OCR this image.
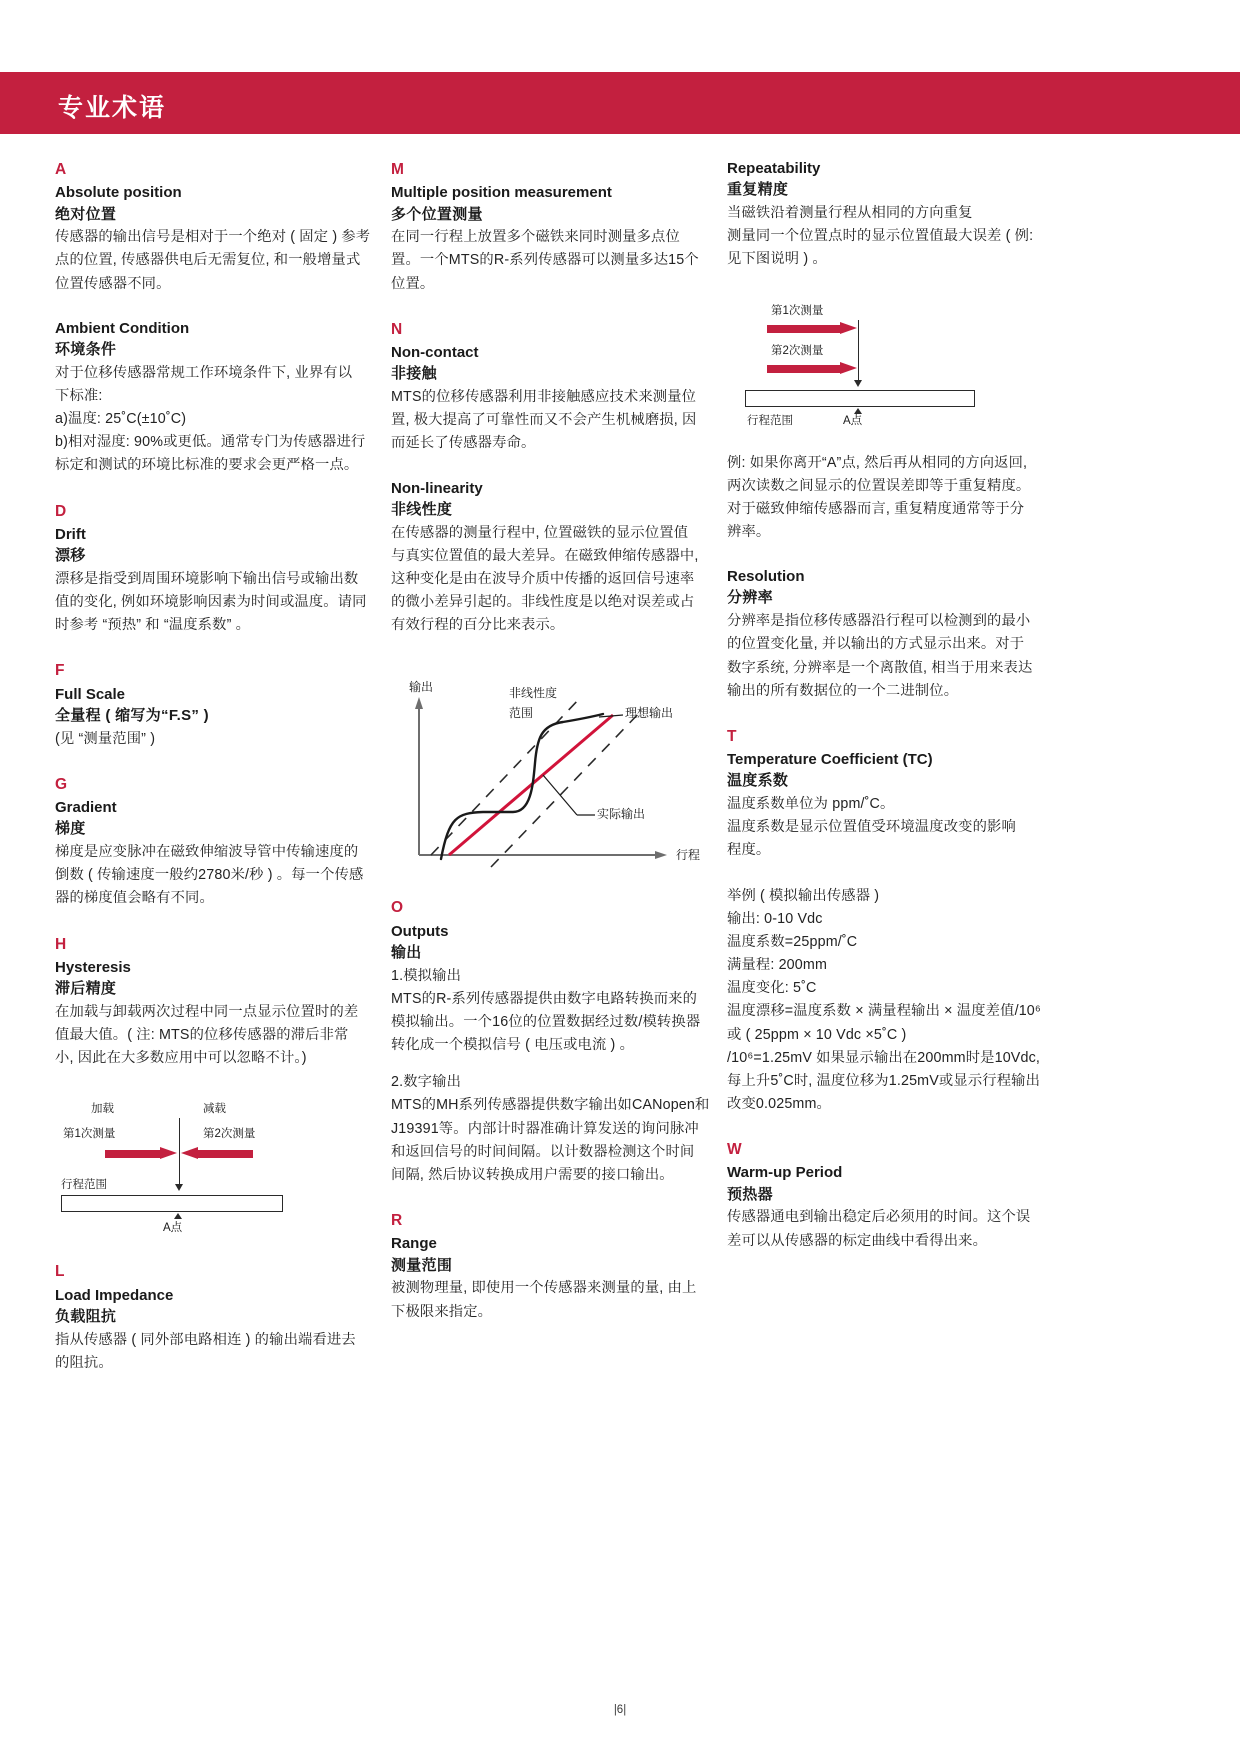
专业术语
A
Absolute position
绝对位置
传感器的输出信号是相对于一个绝对 ( 固定 ) 参考
点的位置, 传感器供电后无需复位, 和一般增量式
位置传感器不同。
Ambient Condition
环境条件
对于位移传感器常规工作环境条件下, 业界有以
下标准:
a)温度: 25˚C(±10˚C)
b)相对湿度: 90%或更低。通常专门为传感器进行
标定和测试的环境比标准的要求会更严格一点。
D
Drift
漂移
漂移是指受到周围环境影响下输出信号或输出数
值的变化, 例如环境影响因素为时间或温度。请同
时参考 “预热” 和 “温度系数” 。
F
Full Scale
全量程 ( 缩写为“F.S” )
(见 “测量范围” )
G
Gradient
梯度
梯度是应变脉冲在磁致伸缩波导管中传输速度的
倒数 ( 传输速度一般约2780米/秒 ) 。每一个传感
器的梯度值会略有不同。
H
Hysteresis
滞后精度
在加载与卸载两次过程中同一点显示位置时的差
值最大值。( 注: MTS的位移传感器的滞后非常
小, 因此在大多数应用中可以忽略不计。)
加载	减载
第1次测量	第2次测量
行程范围
A点
L
Load Impedance
负载阻抗
指从传感器 ( 同外部电路相连 ) 的输出端看进去
的阻抗。
M
Multiple position measurement
多个位置测量
在同一行程上放置多个磁铁来同时测量多点位
置。一个MTS的R-系列传感器可以测量多达15个
位置。
N
Non-contact
非接触
MTS的位移传感器利用非接触感应技术来测量位
置, 极大提高了可靠性而又不会产生机械磨损, 因
而延长了传感器寿命。
Non-linearity
非线性度
在传感器的测量行程中, 位置磁铁的显示位置值
与真实位置值的最大差异。在磁致伸缩传感器中,
这种变化是由在波导介质中传播的返回信号速率
的微小差异引起的。非线性度是以绝对误差或占
有效行程的百分比来表示。
输出
行程
非线性度
范围	理想输出
实际输出
O
Outputs
输出
1.模拟输出
MTS的R-系列传感器提供由数字电路转换而来的
模拟输出。一个16位的位置数据经过数/模转换器
转化成一个模拟信号 ( 电压或电流 ) 。
2.数字输出
MTS的MH系列传感器提供数字输出如CANopen和
J19391等。内部计时器准确计算发送的询问脉冲
和返回信号的时间间隔。以计数器检测这个时间
间隔, 然后协议转换成用户需要的接口输出。
R
Range
测量范围
被测物理量, 即使用一个传感器来测量的量, 由上
下极限来指定。
Repeatability
重复精度
当磁铁沿着测量行程从相同的方向重复
测量同一个位置点时的显示位置值最大误差 ( 例:
见下图说明 ) 。
第1次测量
第2次测量
行程范围	A点
例: 如果你离开“A”点, 然后再从相同的方向返回,
两次读数之间显示的位置误差即等于重复精度。
对于磁致伸缩传感器而言, 重复精度通常等于分
辨率。
Resolution
分辨率
分辨率是指位移传感器沿行程可以检测到的最小
的位置变化量, 并以输出的方式显示出来。对于
数字系统, 分辨率是一个离散值, 相当于用来表达
输出的所有数据位的一个二进制位。
T
Temperature Coefficient (TC)
温度系数
温度系数单位为 ppm/˚C。
温度系数是显示位置值受环境温度改变的影响
程度。
举例 ( 模拟输出传感器 )
输出: 0-10 Vdc
温度系数=25ppm/˚C
满量程: 200mm
温度变化: 5˚C
温度漂移=温度系数 × 满量程输出 × 温度差值/10⁶
或 ( 25ppm × 10 Vdc ×5˚C )
/10⁶=1.25mV 如果显示输出在200mm时是10Vdc,
每上升5˚C时, 温度位移为1.25mV或显示行程输出
改变0.025mm。
W
Warm-up Period
预热器
传感器通电到输出稳定后必须用的时间。这个误
差可以从传感器的标定曲线中看得出来。
|6|
